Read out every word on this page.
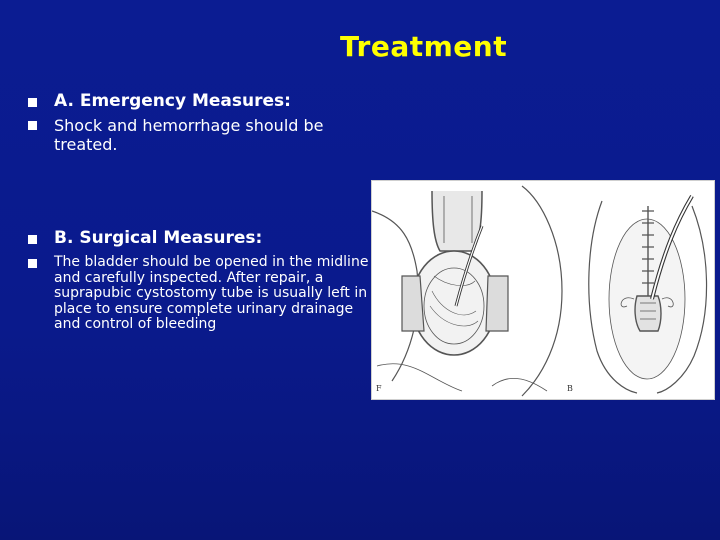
Treatment
A. Emergency Measures:
Shock and hemorrhage should be treated.
B. Surgical Measures:
The bladder should be opened in the midline and carefully inspected. After repair, a suprapubic cystostomy tube is usually left in place to ensure complete urinary drainage and control of bleeding
F	B
